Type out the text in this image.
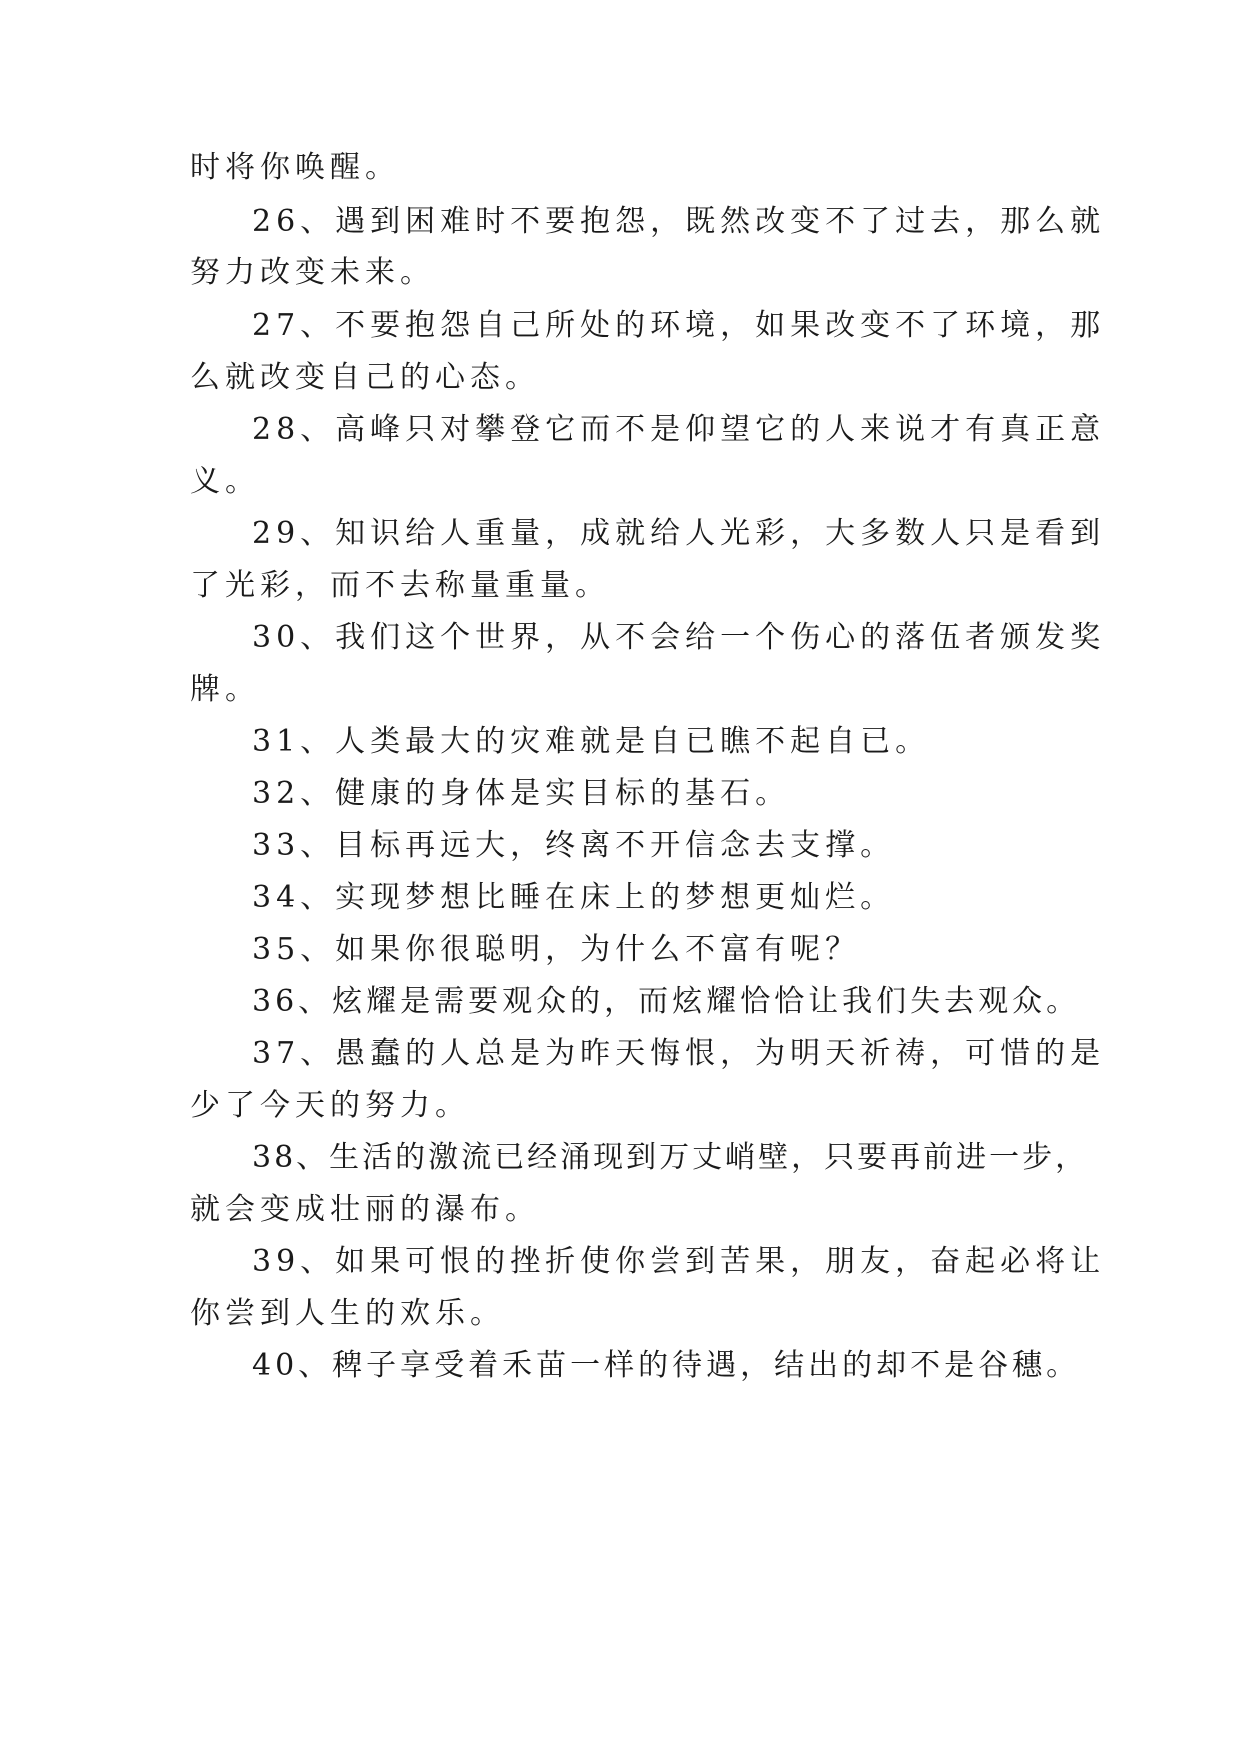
时将你唤醒。
26、遇到困难时不要抱怨，既然改变不了过去，那么就
努力改变未来。
27、不要抱怨自己所处的环境，如果改变不了环境，那
么就改变自己的心态。
28、高峰只对攀登它而不是仰望它的人来说才有真正意
义。
29、知识给人重量，成就给人光彩，大多数人只是看到
了光彩，而不去称量重量。
30、我们这个世界，从不会给一个伤心的落伍者颁发奖
牌。
31、人类最大的灾难就是自已瞧不起自已。
32、健康的身体是实目标的基石。
33、目标再远大，终离不开信念去支撑。
34、实现梦想比睡在床上的梦想更灿烂。
35、如果你很聪明，为什么不富有呢？
36、炫耀是需要观众的，而炫耀恰恰让我们失去观众。
37、愚蠢的人总是为昨天悔恨，为明天祈祷，可惜的是
少了今天的努力。
38、生活的激流已经涌现到万丈峭壁，只要再前进一步，
就会变成壮丽的瀑布。
39、如果可恨的挫折使你尝到苦果，朋友，奋起必将让
你尝到人生的欢乐。
40、稗子享受着禾苗一样的待遇，结出的却不是谷穗。
